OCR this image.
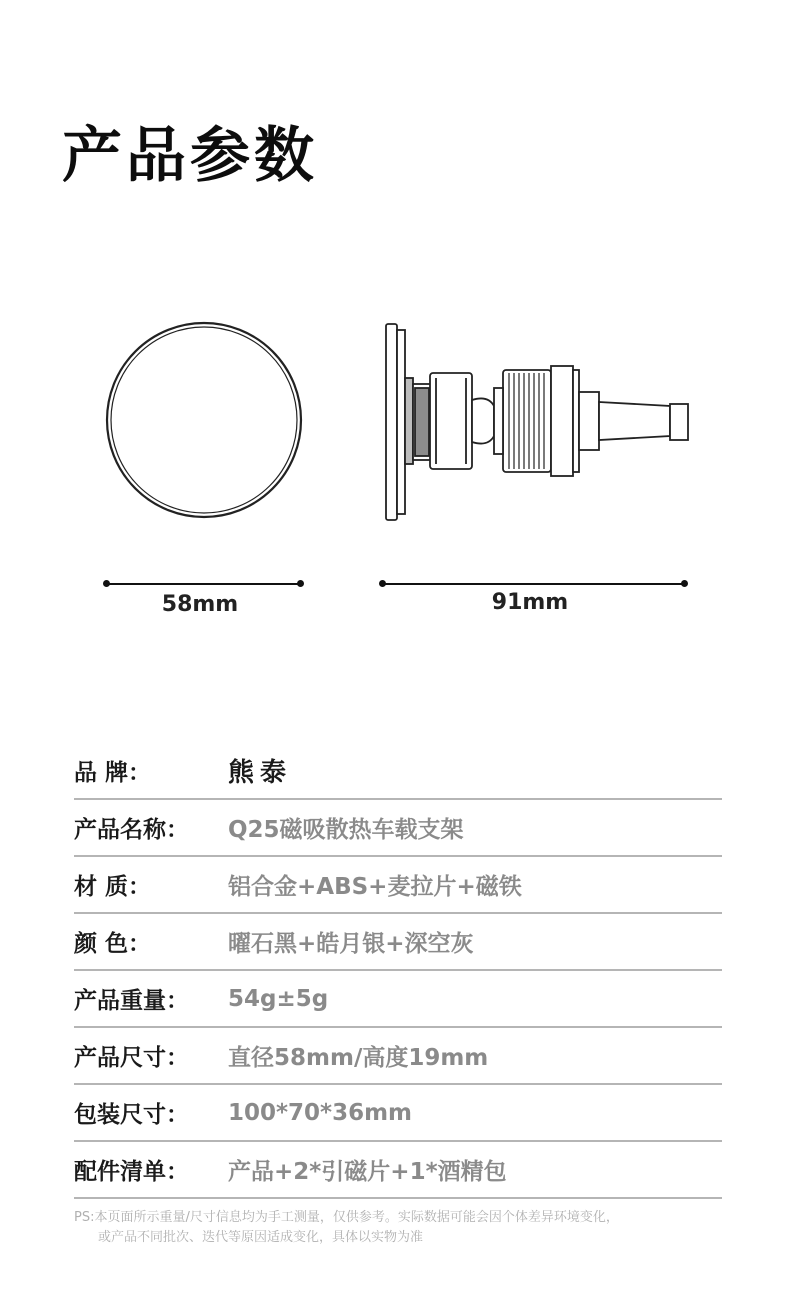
产品参数
58mm	91mm
品 牌：	熊泰
产品名称：	Q25磁吸散热车载支架
材 质：	铝合金+ABS+麦拉片+磁铁
颜 色：	曜石黑+皓月银+深空灰
产品重量：	54g±5g
产品尺寸：	直径58mm/高度19mm
包装尺寸：	100*70*36mm
配件清单：	产品+2*引磁片+1*酒精包
PS:本页面所示重量/尺寸信息均为手工测量，仅供参考。实际数据可能会因个体差异环境变化，
或产品不同批次、迭代等原因适成变化，具体以实物为准
